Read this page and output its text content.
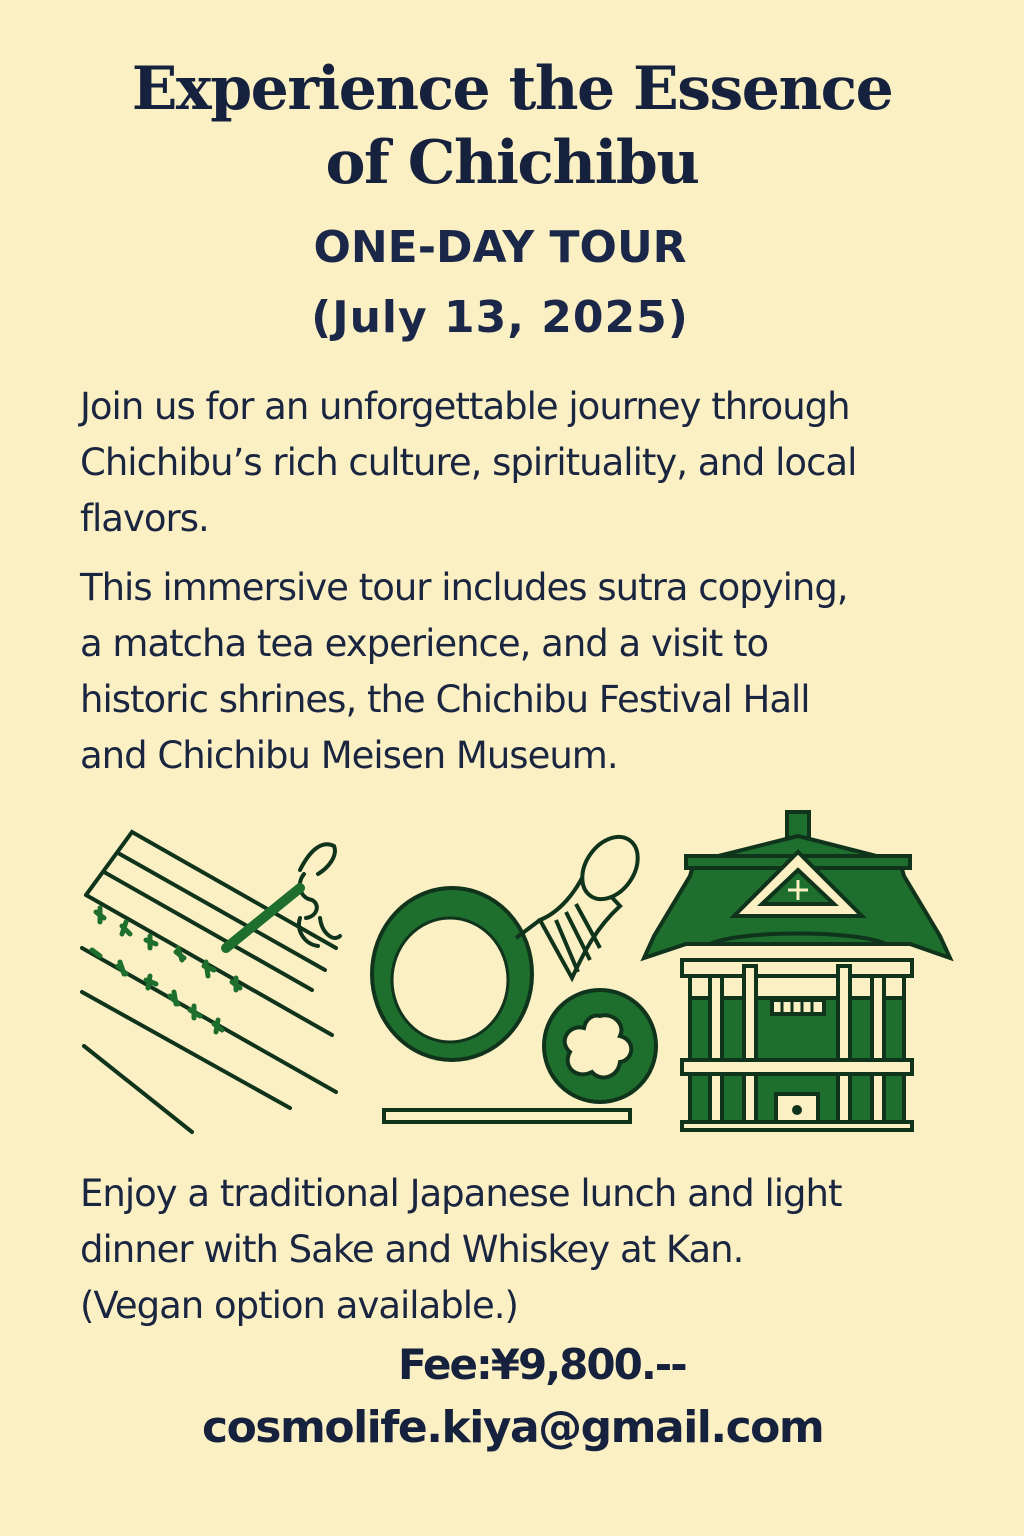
Experience the Essence
of Chichibu
ONE-DAY TOUR
(July 13, 2025)
Join us for an unforgettable journey through
Chichibu’s rich culture, spirituality, and local
flavors.
This immersive tour includes sutra copying,
a matcha tea experience, and a visit to
historic shrines, the Chichibu Festival Hall
and Chichibu Meisen Museum.
Enjoy a traditional Japanese lunch and light
dinner with Sake and Whiskey at Kan.
(Vegan option available.)
Fee:¥9,800.--
cosmolife.kiya@gmail.com
